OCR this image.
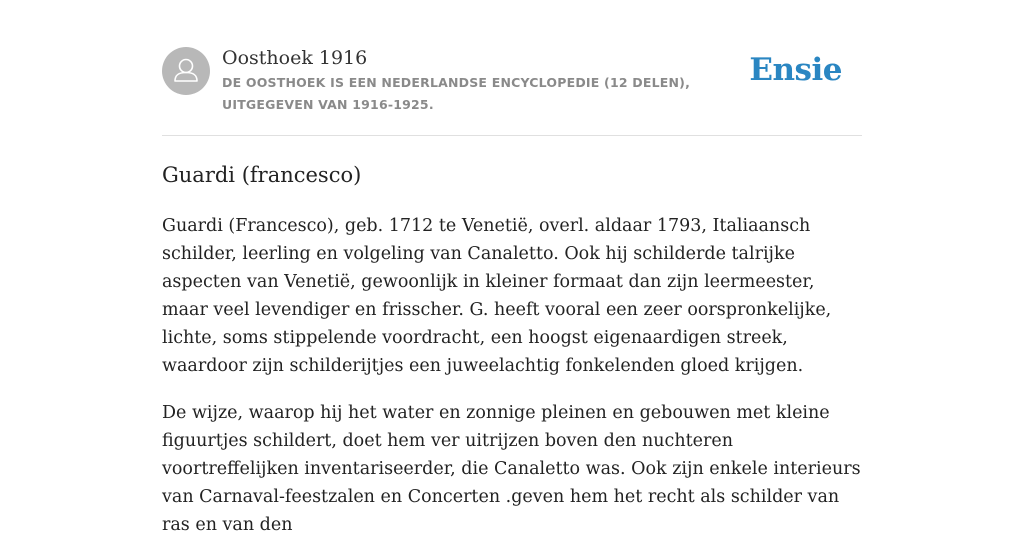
Oosthoek 1916
DE OOSTHOEK IS EEN NEDERLANDSE ENCYCLOPEDIE (12 DELEN), UITGEGEVEN VAN 1916-1925.
Ensie
Guardi (francesco)

Guardi (Francesco), geb. 1712 te Venetië, overl. aldaar 1793, Italiaansch schilder, leerling en volgeling van Canaletto. Ook hij schilderde talrijke aspecten van Venetië, gewoonlijk in kleiner formaat dan zijn leermeester, maar veel levendiger en frisscher. G. heeft vooral een zeer oorspronkelijke, lichte, soms stippelende voordracht, een hoogst eigenaardigen streek, waardoor zijn schilderijtjes een juweelachtig fonkelenden gloed krijgen.

De wijze, waarop hij het water en zonnige pleinen en gebouwen met kleine figuurtjes schildert, doet hem ver uitrijzen boven den nuchteren voortreffelijken inventariseerder, die Canaletto was. Ook zijn enkele interieurs van Carnaval-feestzalen en Concerten .geven hem het recht als schilder van ras en van den
